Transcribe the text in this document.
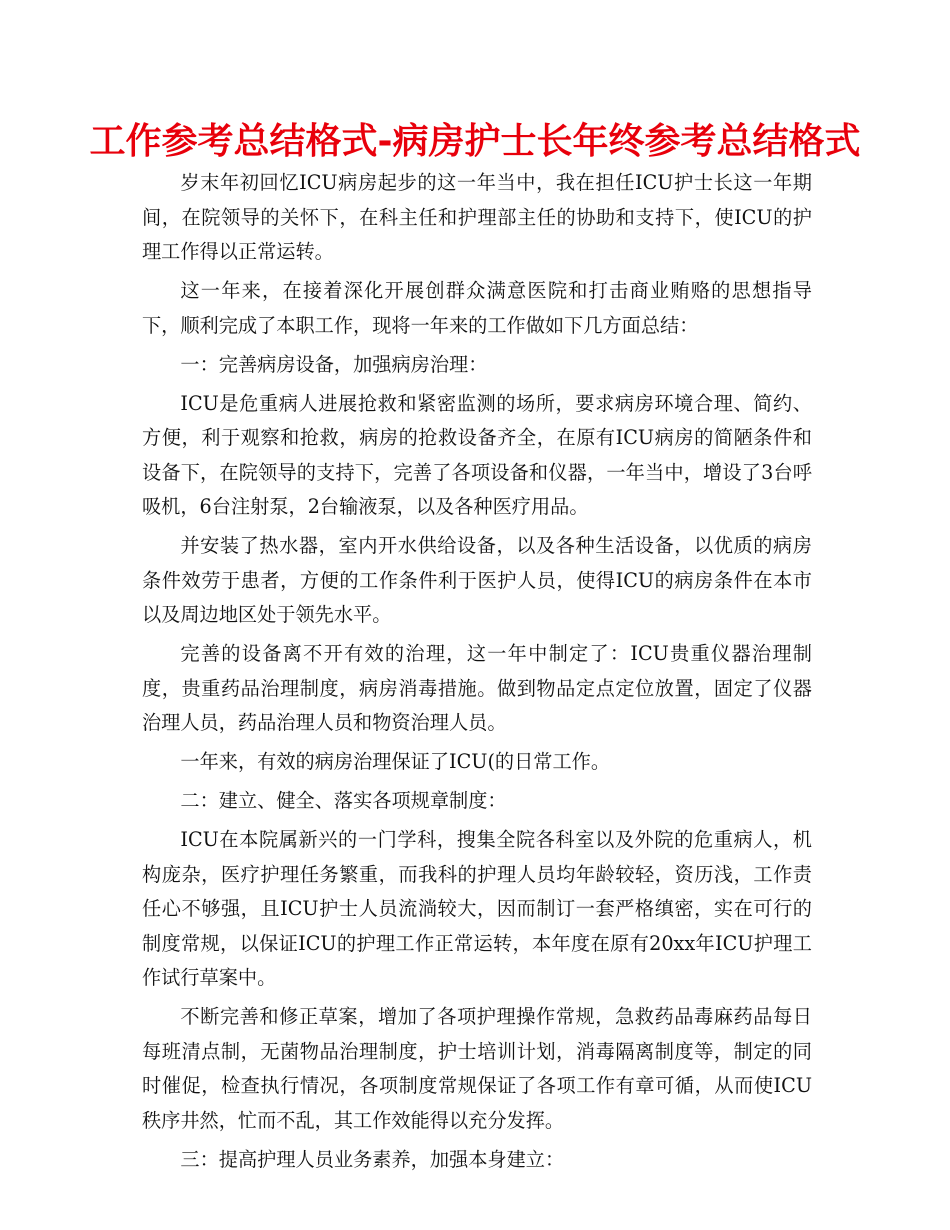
工作参考总结格式-病房护士长年终参考总结格式

岁末年初回忆ICU病房起步的这一年当中，我在担任ICU护士长这一年期间，在院领导的关怀下，在科主任和护理部主任的协助和支持下，使ICU的护理工作得以正常运转。

这一年来，在接着深化开展创群众满意医院和打击商业贿赂的思想指导下，顺利完成了本职工作，现将一年来的工作做如下几方面总结：

一：完善病房设备，加强病房治理：

ICU是危重病人进展抢救和紧密监测的场所，要求病房环境合理、简约、方便，利于观察和抢救，病房的抢救设备齐全，在原有ICU病房的简陋条件和设备下，在院领导的支持下，完善了各项设备和仪器，一年当中，增设了3台呼吸机，6台注射泵，2台输液泵，以及各种医疗用品。

并安装了热水器，室内开水供给设备，以及各种生活设备，以优质的病房条件效劳于患者，方便的工作条件利于医护人员，使得ICU的病房条件在本市以及周边地区处于领先水平。

完善的设备离不开有效的治理，这一年中制定了：ICU贵重仪器治理制度，贵重药品治理制度，病房消毒措施。做到物品定点定位放置，固定了仪器治理人员，药品治理人员和物资治理人员。

一年来，有效的病房治理保证了ICU(的日常工作。

二：建立、健全、落实各项规章制度：

ICU在本院属新兴的一门学科，搜集全院各科室以及外院的危重病人，机构庞杂，医疗护理任务繁重，而我科的护理人员均年龄较轻，资历浅，工作责任心不够强，且ICU护士人员流淌较大，因而制订一套严格缜密，实在可行的制度常规，以保证ICU的护理工作正常运转，本年度在原有20xx年ICU护理工作试行草案中。

不断完善和修正草案，增加了各项护理操作常规，急救药品毒麻药品每日每班清点制，无菌物品治理制度，护士培训计划，消毒隔离制度等，制定的同时催促，检查执行情况，各项制度常规保证了各项工作有章可循，从而使ICU秩序井然，忙而不乱，其工作效能得以充分发挥。

三：提高护理人员业务素养，加强本身建立：
